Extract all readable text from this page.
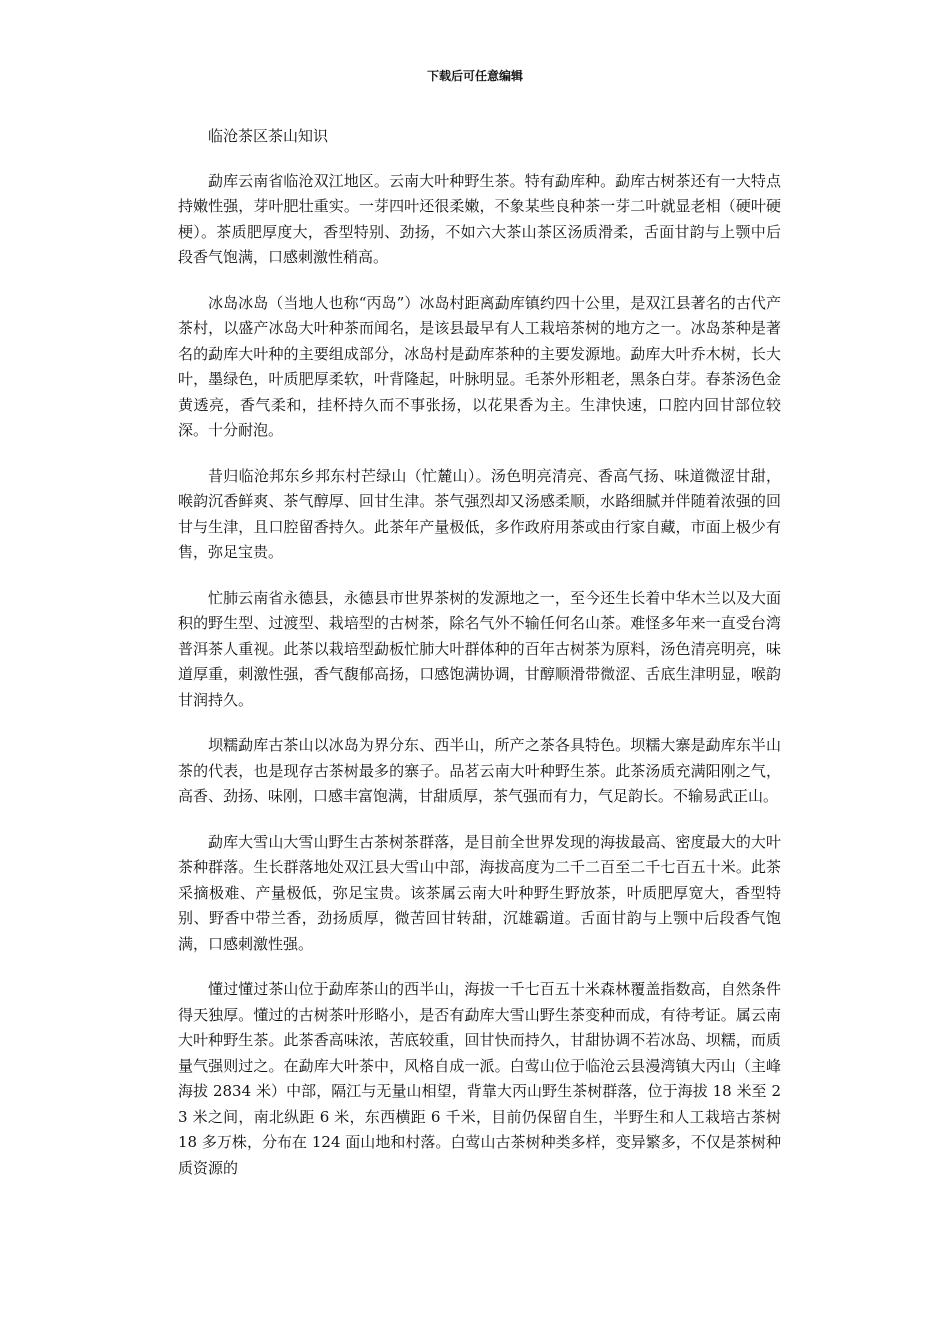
下载后可任意编辑
临沧茶区茶山知识

勐库云南省临沧双江地区。云南大叶种野生茶。特有勐库种。勐库古树茶还有一大特点持嫩性强，芽叶肥壮重实。一芽四叶还很柔嫩，不象某些良种茶一芽二叶就显老相（硬叶硬梗）。茶质肥厚度大，香型特别、劲扬，不如六大茶山茶区汤质滑柔，舌面甘韵与上颚中后段香气饱满，口感刺激性稍高。

冰岛冰岛（当地人也称“丙岛”）冰岛村距离勐库镇约四十公里，是双江县著名的古代产茶村，以盛产冰岛大叶种茶而闻名，是该县最早有人工栽培茶树的地方之一。冰岛茶种是著名的勐库大叶种的主要组成部分，冰岛村是勐库茶种的主要发源地。勐库大叶乔木树，长大叶，墨绿色，叶质肥厚柔软，叶背隆起，叶脉明显。毛茶外形粗老，黑条白芽。春茶汤色金黄透亮，香气柔和，挂杯持久而不事张扬，以花果香为主。生津快速，口腔内回甘部位较深。十分耐泡。

昔归临沧邦东乡邦东村芒绿山（忙麓山）。汤色明亮清亮、香高气扬、味道微涩甘甜，喉韵沉香鲜爽、茶气醇厚、回甘生津。茶气强烈却又汤感柔顺，水路细腻并伴随着浓强的回甘与生津，且口腔留香持久。此茶年产量极低，多作政府用茶或由行家自藏，市面上极少有售，弥足宝贵。

忙肺云南省永德县，永德县市世界茶树的发源地之一，至今还生长着中华木兰以及大面积的野生型、过渡型、栽培型的古树茶，除名气外不输任何名山茶。难怪多年来一直受台湾普洱茶人重视。此茶以栽培型勐板忙肺大叶群体种的百年古树茶为原料，汤色清亮明亮，味道厚重，刺激性强，香气馥郁高扬，口感饱满协调，甘醇顺滑带微涩、舌底生津明显，喉韵甘润持久。

坝糯勐库古茶山以冰岛为界分东、西半山，所产之茶各具特色。坝糯大寨是勐库东半山茶的代表，也是现存古茶树最多的寨子。品茗云南大叶种野生茶。此茶汤质充满阳刚之气，高香、劲扬、味刚，口感丰富饱满，甘甜质厚，茶气强而有力，气足韵长。不输易武正山。

勐库大雪山大雪山野生古茶树茶群落，是目前全世界发现的海拔最高、密度最大的大叶茶种群落。生长群落地处双江县大雪山中部，海拔高度为二千二百至二千七百五十米。此茶采摘极难、产量极低，弥足宝贵。该茶属云南大叶种野生野放茶，叶质肥厚宽大，香型特别、野香中带兰香，劲扬质厚，微苦回甘转甜，沉雄霸道。舌面甘韵与上颚中后段香气饱满，口感刺激性强。

懂过懂过茶山位于勐库茶山的西半山，海拔一千七百五十米森林覆盖指数高，自然条件得天独厚。懂过的古树茶叶形略小，是否有勐库大雪山野生茶变种而成，有待考证。属云南大叶种野生茶。此茶香高味浓，苦底较重，回甘快而持久，甘甜协调不若冰岛、坝糯，而质量气强则过之。在勐库大叶茶中，风格自成一派。白莺山位于临沧云县漫湾镇大丙山（主峰海拔 2834 米）中部，隔江与无量山相望，背靠大丙山野生茶树群落，位于海拔 18 米至 23 米之间，南北纵距 6 米，东西横距 6 千米，目前仍保留自生，半野生和人工栽培古茶树 18 多万株，分布在 124 面山地和村落。白莺山古茶树种类多样，变异繁多，不仅是茶树种质资源的
